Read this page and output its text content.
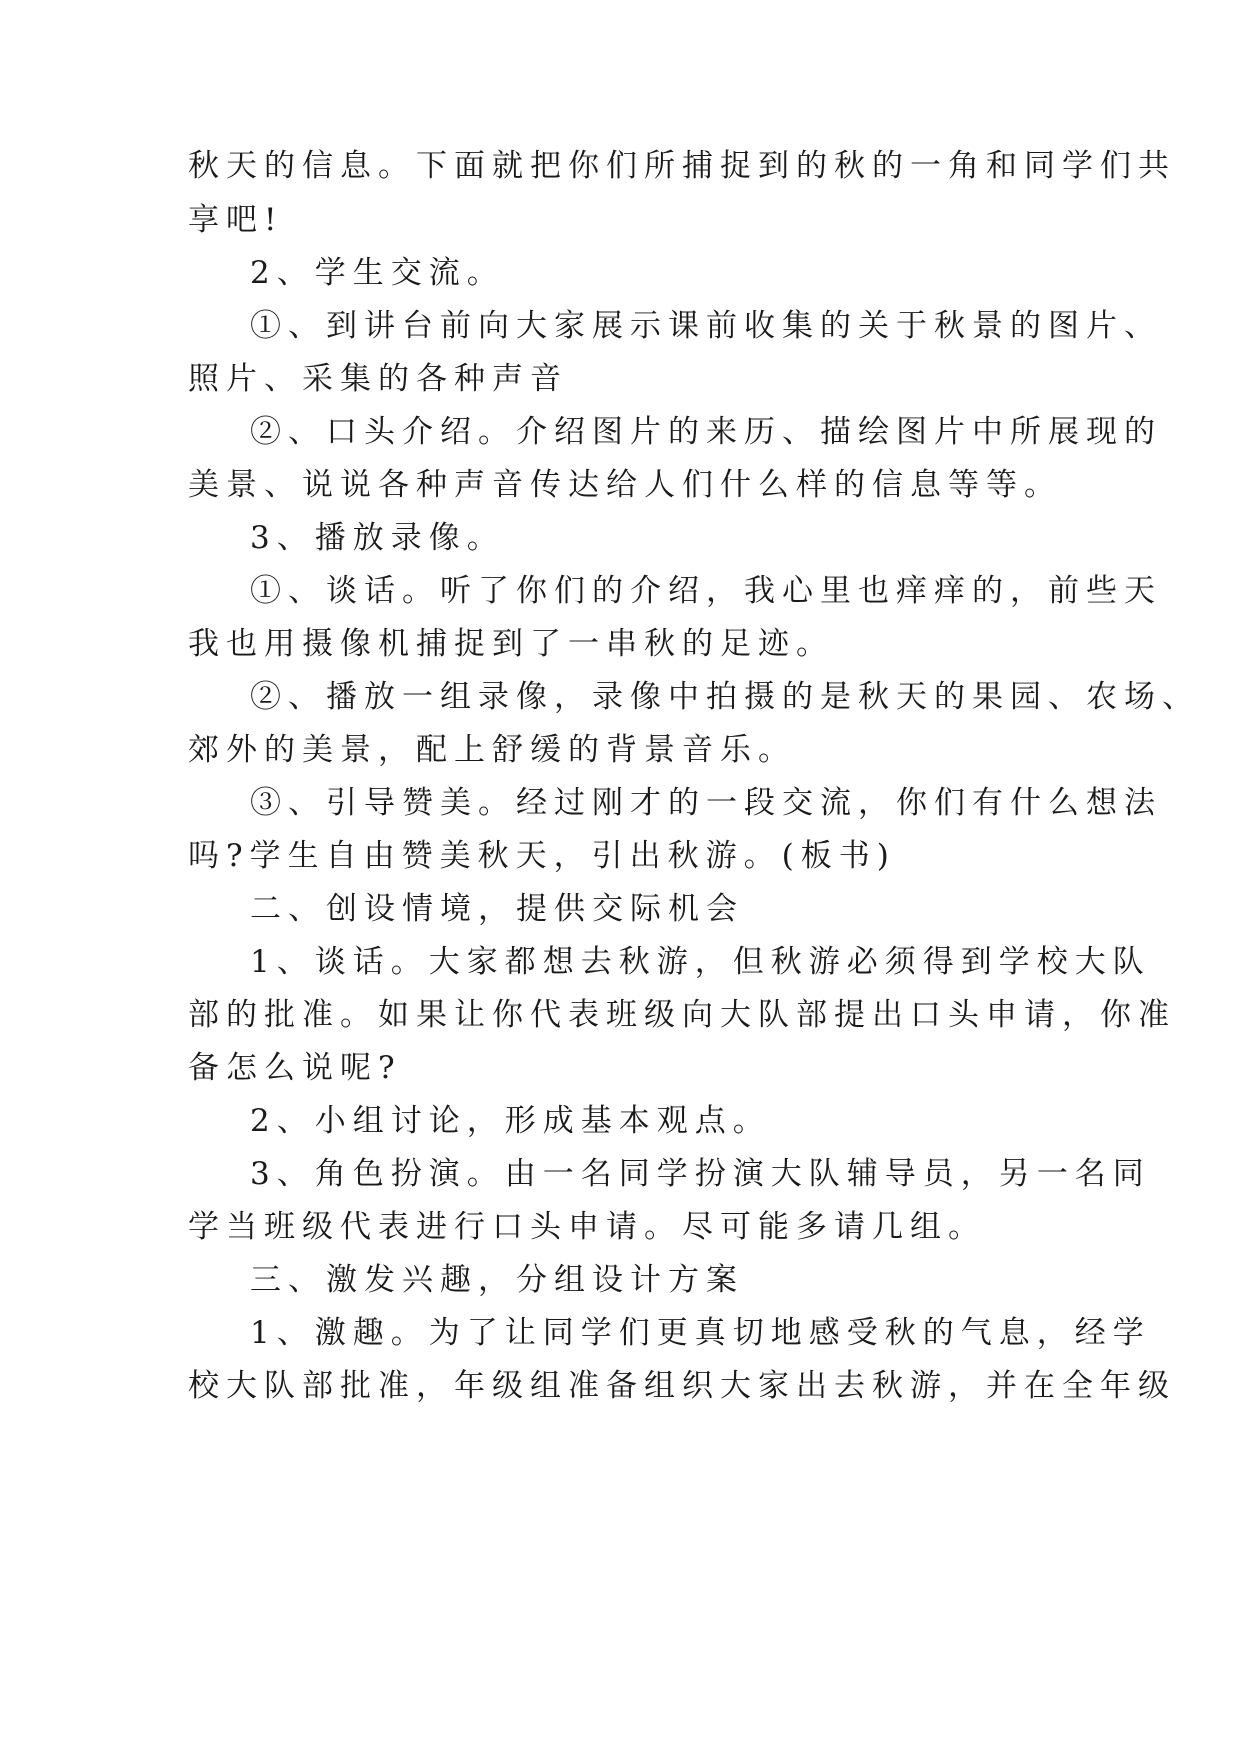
秋天的信息。下面就把你们所捕捉到的秋的一角和同学们共

享吧!

2、学生交流。

①、到讲台前向大家展示课前收集的关于秋景的图片、

照片、采集的各种声音

②、口头介绍。介绍图片的来历、描绘图片中所展现的

美景、说说各种声音传达给人们什么样的信息等等。

3、播放录像。

①、谈话。听了你们的介绍，我心里也痒痒的，前些天

我也用摄像机捕捉到了一串秋的足迹。

②、播放一组录像，录像中拍摄的是秋天的果园、农场、

郊外的美景，配上舒缓的背景音乐。

③、引导赞美。经过刚才的一段交流，你们有什么想法

吗?学生自由赞美秋天，引出秋游。(板书)

二、创设情境，提供交际机会

1、谈话。大家都想去秋游，但秋游必须得到学校大队

部的批准。如果让你代表班级向大队部提出口头申请，你准

备怎么说呢?

2、小组讨论，形成基本观点。

3、角色扮演。由一名同学扮演大队辅导员，另一名同

学当班级代表进行口头申请。尽可能多请几组。

三、激发兴趣，分组设计方案

1、激趣。为了让同学们更真切地感受秋的气息，经学

校大队部批准，年级组准备组织大家出去秋游，并在全年级
